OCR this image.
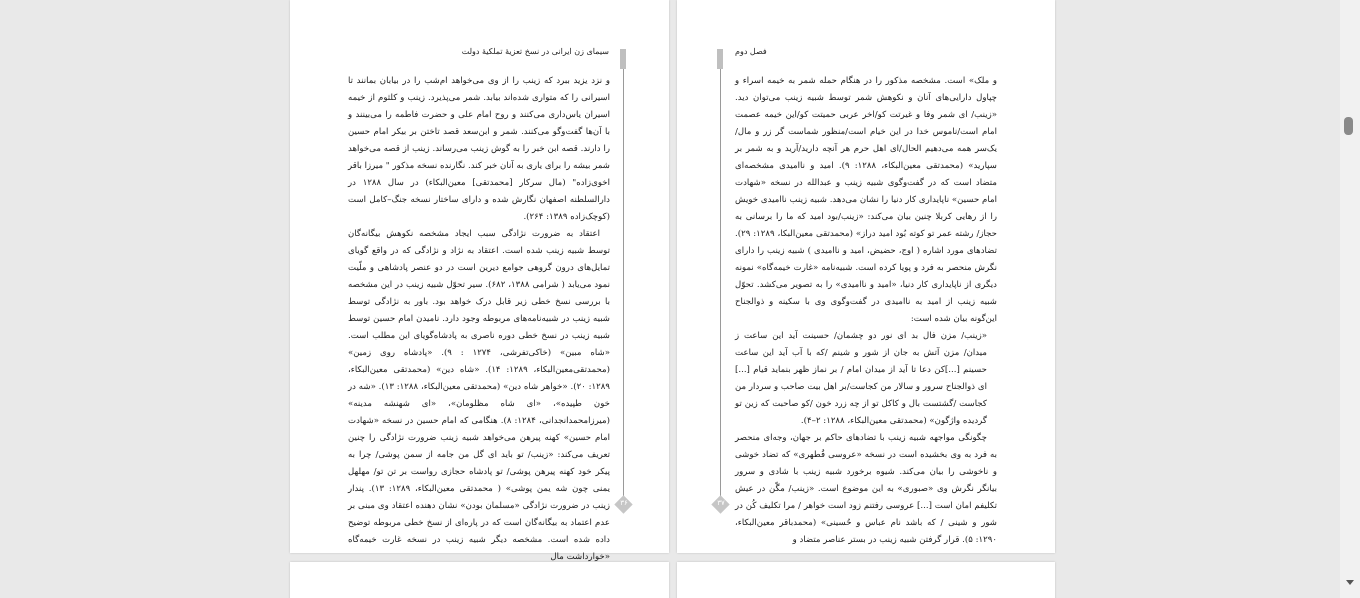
سیمای زن ایرانی در نسخ تعزیهٔ تملکیهٔ دولت

و نزد یزید ببرد که زینب را از وی می‌خواهد ام‌شب را در بیابان بمانند تا اسیرانی را که متواری شده‌اند بیابد. شمر می‌پذیرد. زینب و کلثوم از خیمه اسیران یاس‌داری می‌کنند و روح امام علی و حضرت فاطمه را می‌بینند و با آن‌ها گفت‌وگو می‌کنند. شمر و ابن‌سعد قصد تاختن بر بیکر امام حسین را دارند. قصه ابن خبر را به گوش زینب می‌رساند. زینب از قصه می‌خواهد شمر بیشه را برای یاری به آنان خبر کند. نگارنده نسخه مذکور ‌" میرزا باقر اخوی‌زاده" (مال سرکار [محمدتقی] معین‌البکاء) در سال ۱۲۸۸ در دارالسلطنه اصفهان نگارش شده و دارای ساختار نسخه جنگ–کامل است (کوچک‌زاده ۱۳۸۹: ۲۶۴).

اعتقاد به ضرورت نژادگی سبب ایجاد مشخصه نکوهش بیگانه‌گان توسط شبیه زینب شده است. اعتقاد به نژاد و نژادگی که در واقع گویای تمایل‌های درون گروهی جوامع دیرین است در دو عنصر پادشاهی و ملّیت نمود می‌یابد ( شرامی ۱۳۸۸، ۶۸۲). سیر تحوّل شبیه زینب در این مشخصه با بررسی نسخ خطی زیر قابل درک خواهد بود. باور به نژادگی توسط شبیه زینب در شبیه‌نامه‌های مربوطه وجود دارد. نامیدن امام حسین توسط شبیه زینب در نسخ خطی دوره ناصری به پادشاه‌گویای این مطلب است. «شاه مبین» (خاکی‌تفرشی، ۱۲۷۴ : ۹). «پادشاه روی زمین» (محمدتقی‌معین‌البکاء، ۱۲۸۹: ۱۴). «شاه دین» (محمدتقی معین‌البکاء، ۱۲۸۹: ۲۰). «خواهر شاه دین» (محمدتقی معین‌البکاء، ۱۲۸۸: ۱۳). «شه در خون طپیده»، «ای شاه مظلومان»، «ای شهنشه مدینه» (میرزامحمدانجدانی، ۱۲۸۴: ۸). هنگامی که امام حسین در نسخه «شهادت امام حسین» کهنه پیرهن می‌خواهد شبیه زینب ضرورت نژادگی را چنین تعریف می‌کند: «زینب/ تو باید ای گل من جامه از سمن پوشی/ چرا به پیکر خود کهنه پیرهن پوشی/ تو پادشاه حجازی رواست بر تن تو/ مهلهل یمنی چون شه یمن پوشی» ( محمدتقی معین‌البکاء، ۱۲۸۹: ۱۳). پندار زینب در ضرورت نژادگی «مسلمان بودن» نشان دهنده اعتقاد وی مبنی بر عدم اعتماد به بیگانه‌گان است که در پاره‌ای از نسخ خطی مربوطه توضیح داده شده است. مشخصه دیگر شبیه زینب در نسخه غارت خیمه‌گاه «خوارداشت مال

۳۶
فصل دوم

و ملک» است. مشخصه مذکور را در هنگام حمله شمر به خیمه اسراء و چپاول دارایی‌های آنان و نکوهش شمر توسط شبیه زینب می‌توان دید. «زینب/ ای شمر وفا و غیرتت کو/اخر عربی حمیتت کو/این خیمه عصمت امام است/ناموس خدا در این خیام است/منظور شماست گر زر و مال/یک‌سر همه می‌دهیم الحال/ای اهل حرم هر آنچه دارید/آرید و به شمر بر سپارید» (محمدتقی معین‌البکاء، ۱۲۸۸: ۹). امید و ناامیدی مشخصه‌ای متضاد است که در گفت‌وگوی شبیه زینب و عبدالله در نسخه «شهادت امام حسین» ناپایداری کار دنیا را نشان می‌دهد. شبیه زینب ناامیدی خویش را از رهایی کربلا چنین بیان می‌کند: «زینب/بود امید که ما را برسانی به حجاز/ رشته عمر تو کوته بُود امید دراز» (محمدتقی معین‌البکا، ۱۲۸۹: ۲۹). تضادهای مورد اشاره ( اوج، حضیض، امید و ناامیدی ) شبیه زینب را دارای نگرش منحصر به فرد و پویا کرده است. شبیه‌نامه «غارت خیمه‌گاه» نمونه دیگری از ناپایداری کار دنیا، «امید و ناامیدی» را به تصویر می‌کشد. تحوّل شبیه زینب از امید به ناامیدی در گفت‌وگوی وی با سکینه و ذوالجناح این‌گونه بیان شده است:

«زینب/ مزن فال بد ای نور دو چشمان/ حسینت آید این ساعت ز میدان/ مزن آتش به جان از شور و شینم /که با آب آید این ساعت حسینم [...]کن دعا تا آید از میدان امام / بر نماز ظهر بنماید قیام [...] ای ذوالجناح سرور و سالار من کجاست/بر اهل بیت صاحب و سردار من کجاست /گشتست بال و کاکل تو از چه زرد خون /کو صاحبت که زین تو گردیده واژگون» (محمدتقی معین‌البکاء، ۱۲۸۸: ۲–۴).

چگونگی مواجهه شبیه زینب با تضادهای حاکم بر جهان، وجه‌ای منحصر به فرد به وی بخشیده است در نسخه «عروسی قُطهری» که تضاد خوشی و ناخوشی را بیان می‌کند. شیوه برخورد شبیه زینب با شادی و سرور بیانگر نگرش وی «صبوری» به این موضوع است. «زینب/ مگّن در عیش تکلیفم امان است [...] عروسی رفتنم زود است خواهر / مرا تکلیف کُن در شور و شینی / که باشد نام عباس و حُسینی» (محمدباقر معین‌البکاء، ۱۲۹۰: ۵). قرار گرفتن شبیه زینب در بستر عناصر متضاد و

۳۷
